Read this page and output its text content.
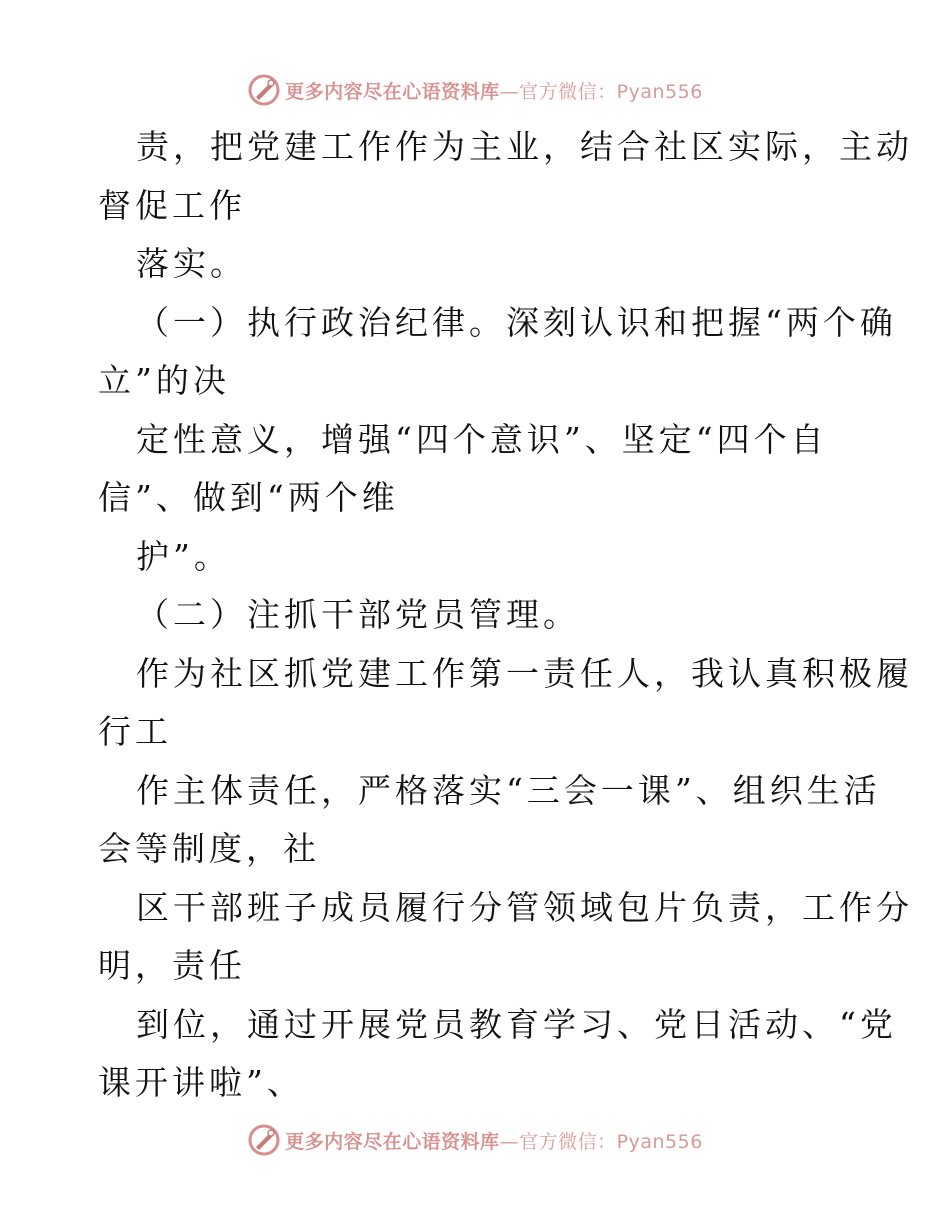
更多内容尽在心语资料库—官方微信：Pyan556
责，把党建工作作为主业，结合社区实际，主动
督促工作
落实。
（一）执行政治纪律。深刻认识和把握“两个确
立”的决
定性意义，增强“四个意识”、坚定“四个自
信”、做到“两个维
护”。
（二）注抓干部党员管理。
作为社区抓党建工作第一责任人，我认真积极履
行工
作主体责任，严格落实“三会一课”、组织生活
会等制度，社
区干部班子成员履行分管领域包片负责，工作分
明，责任
到位，通过开展党员教育学习、党日活动、“党
课开讲啦”、
更多内容尽在心语资料库—官方微信：Pyan556
